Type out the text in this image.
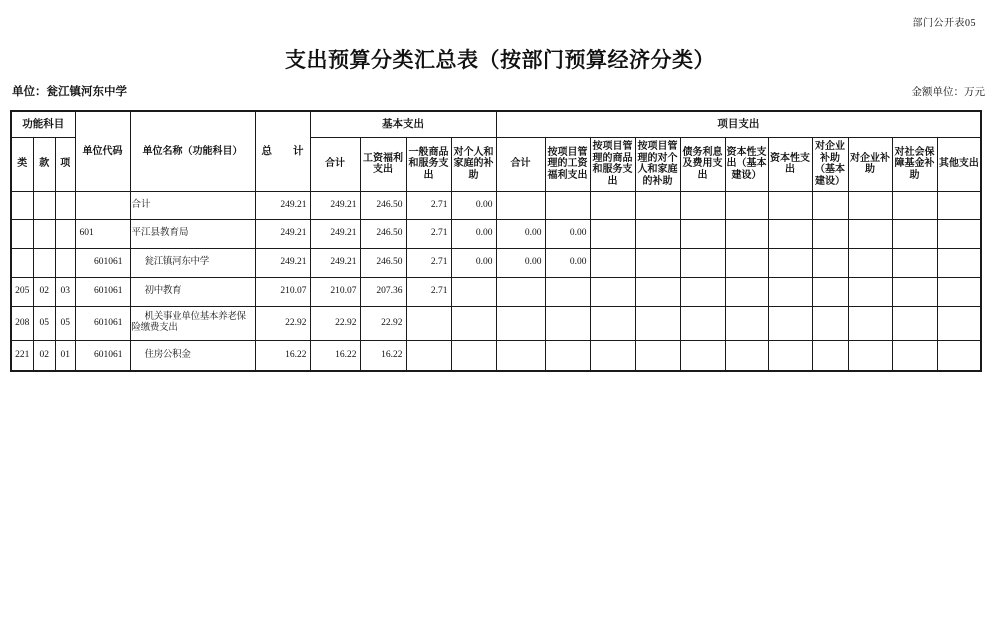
部门公开表05
支出预算分类汇总表（按部门预算经济分类）
单位：瓮江镇河东中学	金额单位：万元
功能科目			单位代码	单位名称（功能科目）	总　　计	基本支出				项目支出										
类	款	项				合计	工资福利支出	一般商品和服务支出	对个人和家庭的补助	合计	按项目管理的工资福利支出	按项目管理的商品和服务支出	按项目管理的对个人和家庭的补助	债务利息及费用支出	资本性支出（基本建设）	资本性支出	对企业补助（基本建设）	对企业补助	对社会保障基金补助	其他支出
				合计	249.21	249.21	246.50	2.71	0.00											
			601	平江县教育局	249.21	249.21	246.50	2.71	0.00	0.00	0.00									
			601061	瓮江镇河东中学	249.21	249.21	246.50	2.71	0.00	0.00	0.00									
205	02	03	601061	初中教育	210.07	210.07	207.36	2.71												
208	05	05	601061	机关事业单位基本养老保险缴费支出	22.92	22.92	22.92													
221	02	01	601061	住房公积金	16.22	16.22	16.22													
